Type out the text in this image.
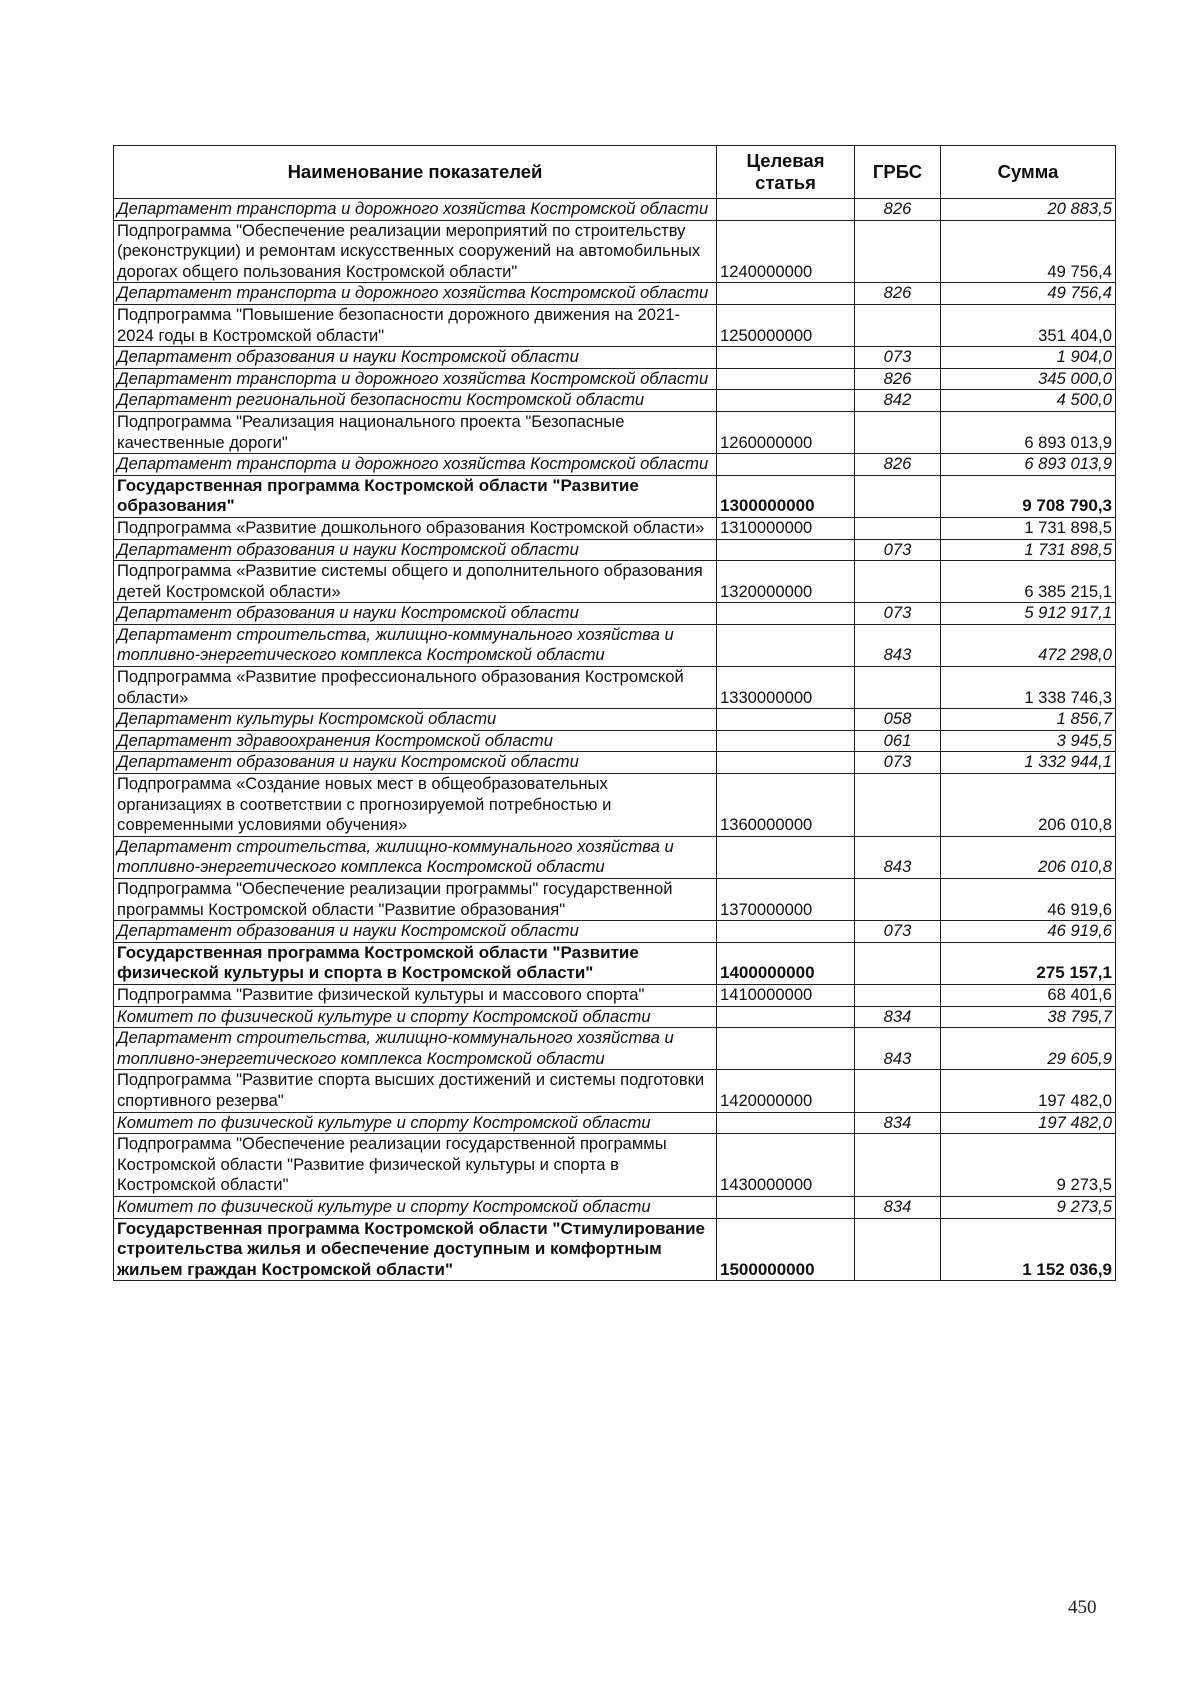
Наименование показателей	Целевая статья	ГРБС	Сумма
Департамент транспорта и дорожного хозяйства Костромской области		826	20 883,5
Подпрограмма "Обеспечение реализации мероприятий по строительству (реконструкции) и ремонтам искусственных сооружений на автомобильных дорогах общего пользования Костромской области"	1240000000		49 756,4
Департамент транспорта и дорожного хозяйства Костромской области		826	49 756,4
Подпрограмма "Повышение безопасности дорожного движения на 2021-2024 годы в Костромской области"	1250000000		351 404,0
Департамент образования и науки Костромской области		073	1 904,0
Департамент транспорта и дорожного хозяйства Костромской области		826	345 000,0
Департамент региональной безопасности Костромской области		842	4 500,0
Подпрограмма "Реализация национального проекта "Безопасные качественные дороги"	1260000000		6 893 013,9
Департамент транспорта и дорожного хозяйства Костромской области		826	6 893 013,9
Государственная программа Костромской области "Развитие образования"	1300000000		9 708 790,3
Подпрограмма «Развитие дошкольного образования Костромской области»	1310000000		1 731 898,5
Департамент образования и науки Костромской области		073	1 731 898,5
Подпрограмма «Развитие системы общего и дополнительного образования детей Костромской области»	1320000000		6 385 215,1
Департамент образования и науки Костромской области		073	5 912 917,1
Департамент строительства, жилищно-коммунального хозяйства и топливно-энергетического комплекса Костромской области		843	472 298,0
Подпрограмма «Развитие профессионального образования Костромской области»	1330000000		1 338 746,3
Департамент культуры Костромской области		058	1 856,7
Департамент здравоохранения Костромской области		061	3 945,5
Департамент образования и науки Костромской области		073	1 332 944,1
Подпрограмма «Создание новых мест в общеобразовательных организациях в соответствии с прогнозируемой потребностью и современными условиями обучения»	1360000000		206 010,8
Департамент строительства, жилищно-коммунального хозяйства и топливно-энергетического комплекса Костромской области		843	206 010,8
Подпрограмма "Обеспечение реализации программы" государственной программы Костромской области "Развитие образования"	1370000000		46 919,6
Департамент образования и науки Костромской области		073	46 919,6
Государственная программа Костромской области "Развитие физической культуры и спорта в Костромской области"	1400000000		275 157,1
Подпрограмма "Развитие физической культуры и массового спорта"	1410000000		68 401,6
Комитет по физической культуре и спорту Костромской области		834	38 795,7
Департамент строительства, жилищно-коммунального хозяйства и топливно-энергетического комплекса Костромской области		843	29 605,9
Подпрограмма "Развитие спорта высших достижений и системы подготовки спортивного резерва"	1420000000		197 482,0
Комитет по физической культуре и спорту Костромской области		834	197 482,0
Подпрограмма "Обеспечение реализации государственной программы Костромской области "Развитие физической культуры и спорта в Костромской области"	1430000000		9 273,5
Комитет по физической культуре и спорту Костромской области		834	9 273,5
Государственная программа Костромской области "Стимулирование строительства жилья и обеспечение доступным и комфортным жильем граждан Костромской области"	1500000000		1 152 036,9
450
